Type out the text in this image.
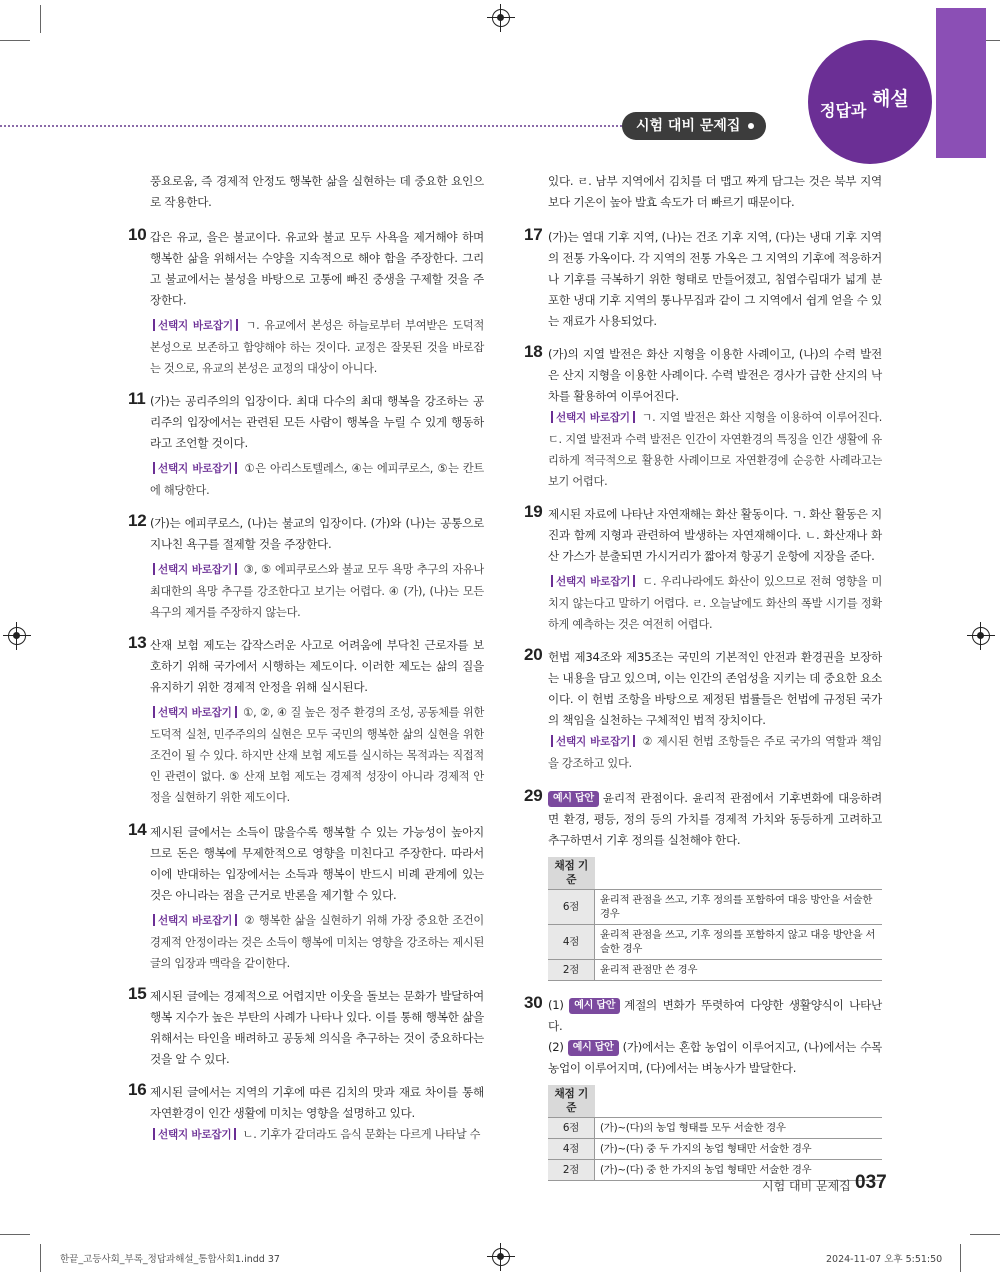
시험 대비 문제집
정답과
해설
풍요로움, 즉 경제적 안정도 행복한 삶을 실현하는 데 중요한 요인으로 작용한다.
10 갑은 유교, 을은 불교이다. 유교와 불교 모두 사욕을 제거해야 하며 행복한 삶을 위해서는 수양을 지속적으로 해야 함을 주장한다. 그리고 불교에서는 불성을 바탕으로 고통에 빠진 중생을 구제할 것을 주장한다.
선택지 바로잡기 ㄱ. 유교에서 본성은 하늘로부터 부여받은 도덕적 본성으로 보존하고 함양해야 하는 것이다. 교정은 잘못된 것을 바로잡는 것으로, 유교의 본성은 교정의 대상이 아니다.
11 (가)는 공리주의의 입장이다. 최대 다수의 최대 행복을 강조하는 공리주의 입장에서는 관련된 모든 사람이 행복을 누릴 수 있게 행동하라고 조언할 것이다.
선택지 바로잡기 ①은 아리스토텔레스, ④는 에피쿠로스, ⑤는 칸트에 해당한다.
12 (가)는 에피쿠로스, (나)는 불교의 입장이다. (가)와 (나)는 공통으로 지나친 욕구를 절제할 것을 주장한다.
선택지 바로잡기 ③, ⑤ 에피쿠로스와 불교 모두 욕망 추구의 자유나 최대한의 욕망 추구를 강조한다고 보기는 어렵다. ④ (가), (나)는 모든 욕구의 제거를 주장하지 않는다.
13 산재 보험 제도는 갑작스러운 사고로 어려움에 부닥친 근로자를 보호하기 위해 국가에서 시행하는 제도이다. 이러한 제도는 삶의 질을 유지하기 위한 경제적 안정을 위해 실시된다.
선택지 바로잡기 ①, ②, ④ 질 높은 정주 환경의 조성, 공동체를 위한 도덕적 실천, 민주주의의 실현은 모두 국민의 행복한 삶의 실현을 위한 조건이 될 수 있다. 하지만 산재 보험 제도를 실시하는 목적과는 직접적인 관련이 없다. ⑤ 산재 보험 제도는 경제적 성장이 아니라 경제적 안정을 실현하기 위한 제도이다.
14 제시된 글에서는 소득이 많을수록 행복할 수 있는 가능성이 높아지므로 돈은 행복에 무제한적으로 영향을 미친다고 주장한다. 따라서 이에 반대하는 입장에서는 소득과 행복이 반드시 비례 관계에 있는 것은 아니라는 점을 근거로 반론을 제기할 수 있다.
선택지 바로잡기 ② 행복한 삶을 실현하기 위해 가장 중요한 조건이 경제적 안정이라는 것은 소득이 행복에 미치는 영향을 강조하는 제시된 글의 입장과 맥락을 같이한다.
15 제시된 글에는 경제적으로 어렵지만 이웃을 돌보는 문화가 발달하여 행복 지수가 높은 부탄의 사례가 나타나 있다. 이를 통해 행복한 삶을 위해서는 타인을 배려하고 공동체 의식을 추구하는 것이 중요하다는 것을 알 수 있다.
16 제시된 글에서는 지역의 기후에 따른 김치의 맛과 재료 차이를 통해 자연환경이 인간 생활에 미치는 영향을 설명하고 있다.
선택지 바로잡기 ㄴ. 기후가 같더라도 음식 문화는 다르게 나타날 수
있다. ㄹ. 남부 지역에서 김치를 더 맵고 짜게 담그는 것은 북부 지역보다 기온이 높아 발효 속도가 더 빠르기 때문이다.
17 (가)는 열대 기후 지역, (나)는 건조 기후 지역, (다)는 냉대 기후 지역의 전통 가옥이다. 각 지역의 전통 가옥은 그 지역의 기후에 적응하거나 기후를 극복하기 위한 형태로 만들어졌고, 침엽수림대가 넓게 분포한 냉대 기후 지역의 통나무집과 같이 그 지역에서 쉽게 얻을 수 있는 재료가 사용되었다.
18 (가)의 지열 발전은 화산 지형을 이용한 사례이고, (나)의 수력 발전은 산지 지형을 이용한 사례이다. 수력 발전은 경사가 급한 산지의 낙차를 활용하여 이루어진다.
선택지 바로잡기 ㄱ. 지열 발전은 화산 지형을 이용하여 이루어진다. ㄷ. 지열 발전과 수력 발전은 인간이 자연환경의 특징을 인간 생활에 유리하게 적극적으로 활용한 사례이므로 자연환경에 순응한 사례라고는 보기 어렵다.
19 제시된 자료에 나타난 자연재해는 화산 활동이다. ㄱ. 화산 활동은 지진과 함께 지형과 관련하여 발생하는 자연재해이다. ㄴ. 화산재나 화산 가스가 분출되면 가시거리가 짧아져 항공기 운항에 지장을 준다.
선택지 바로잡기 ㄷ. 우리나라에도 화산이 있으므로 전혀 영향을 미치지 않는다고 말하기 어렵다. ㄹ. 오늘날에도 화산의 폭발 시기를 정확하게 예측하는 것은 여전히 어렵다.
20 헌법 제34조와 제35조는 국민의 기본적인 안전과 환경권을 보장하는 내용을 담고 있으며, 이는 인간의 존엄성을 지키는 데 중요한 요소이다. 이 헌법 조항을 바탕으로 제정된 법률들은 헌법에 규정된 국가의 책임을 실천하는 구체적인 법적 장치이다.
선택지 바로잡기 ② 제시된 헌법 조항들은 주로 국가의 역할과 책임을 강조하고 있다.
29	예시 답안 윤리적 관점이다. 윤리적 관점에서 기후변화에 대응하려면 환경, 평등, 정의 등의 가치를 경제적 가치와 동등하게 고려하고 추구하면서 기후 정의를 실천해야 한다.
채점 기준	
6점	윤리적 관점을 쓰고, 기후 정의를 포함하여 대응 방안을 서술한 경우
4점	윤리적 관점을 쓰고, 기후 정의를 포함하지 않고 대응 방안을 서술한 경우
2점	윤리적 관점만 쓴 경우
30 (1) 예시 답안 계절의 변화가 뚜렷하여 다양한 생활양식이 나타난다.
(2) 예시 답안 (가)에서는 혼합 농업이 이루어지고, (나)에서는 수목 농업이 이루어지며, (다)에서는 벼농사가 발달한다.
채점 기준	
6점	(가)~(다)의 농업 형태를 모두 서술한 경우
4점	(가)~(다) 중 두 가지의 농업 형태만 서술한 경우
2점	(가)~(다) 중 한 가지의 농업 형태만 서술한 경우
시험 대비 문제집 037
한끝_고등사회_부록_정답과해설_통합사회1.indd 37	2024-11-07 오후 5:51:50
